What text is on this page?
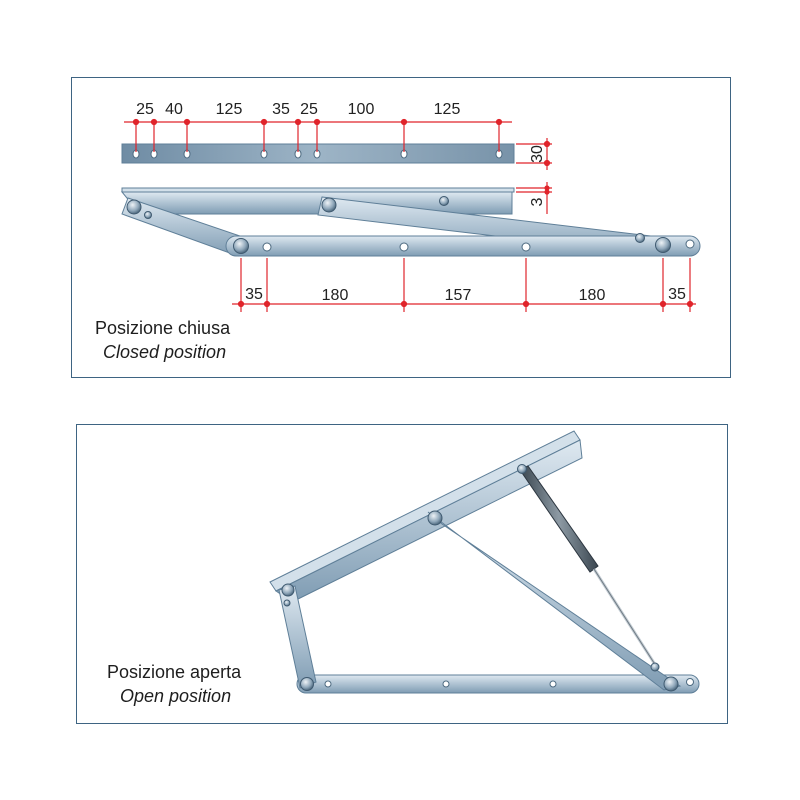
25 40 125 35 25 100	125
30
3
35	180	157	180	35
Posizione chiusa
Closed position
Posizione aperta
Open position
